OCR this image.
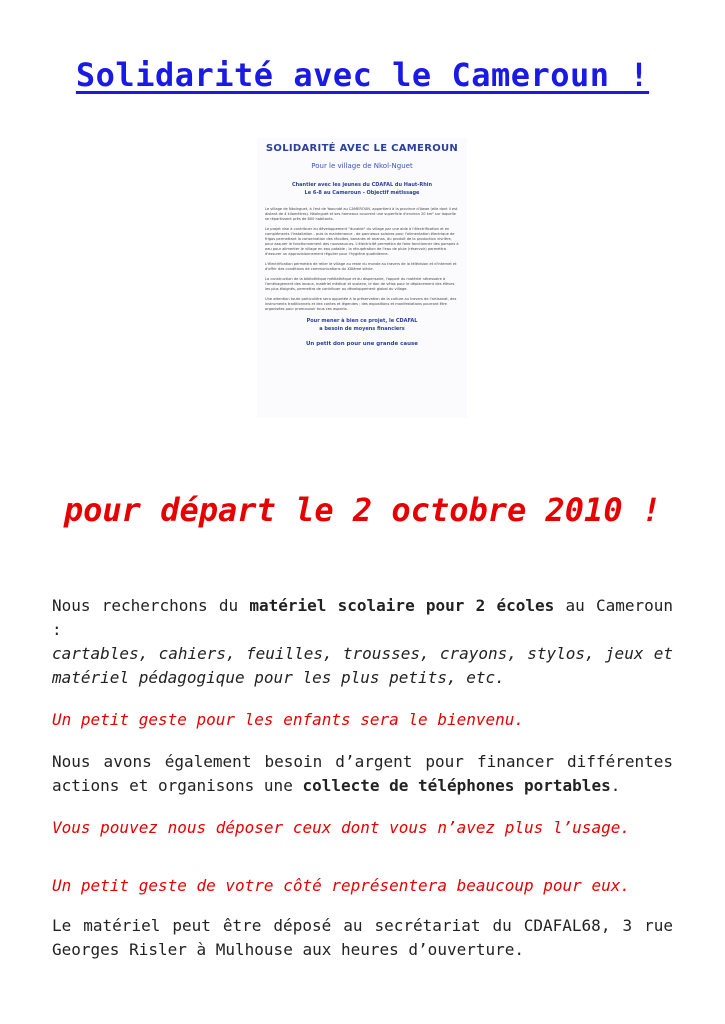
Solidarité avec le Cameroun !
SOLIDARITÉ AVEC LE CAMEROUN
Pour le village de Nkol-Nguet
Chantier avec les jeunes du CDAFAL du Haut-Rhin
Le 6-8 au Cameroun - Objectif métissage

Le village de Nkolnguet, à l'est de Yaoundé au CAMEROUN, appartient à la province d'Awae (elle dont il est distant de 4 kilomètres). Nkolnguet et ses hameaux couvrent une superficie d'environ 20 km² sur laquelle se répartissent près de 800 habitants.

Le projet vise à contribuer au développement "durable" du village par une aide à l'électrification et en compléments l'installation - puis la maintenance - de panneaux solaires pour l'alimentation électrique de frigos permettant la conservation des récoltes, bananes et ananas, du produit de la production vivrière, pour assurer le fonctionnement des nouveaux.es. L'électricité permettra de faire fonctionner des pompes à eau pour alimenter le village en eau potable ; la récupération de l'eau de pluie (réservoir) permettra d'assurer un approvisionnement régulier pour l'hygiène quotidienne.

L'électrification permettra de relier le village au reste du monde au travers de la télévision et d'internet et d'offrir des conditions de communications du XXIème siècle.

La construction de la bibliothèque médiathèque et du dispensaire, l'apport du matériel nécessaire à l'aménagement des locaux, matériel médical et scolaire, le don de vélos pour le déplacement des élèves les plus éloignés, permettra de contribuer au développement global du village.

Une attention toute particulière sera apportée à la préservation de la culture au travers de l'artisanat, des instruments traditionnels et des contes et légendes ; des expositions et manifestations pourront être organisées pour promouvoir tous ces aspects.

Pour mener à bien ce projet, le CDAFAL
a besoin de moyens financiers
Un petit don pour une grande cause
pour départ le 2 octobre 2010 !

Nous recherchons du matériel scolaire pour 2 écoles au Cameroun :
cartables, cahiers, feuilles, trousses, crayons, stylos, jeux et matériel pédagogique pour les plus petits, etc.

Un petit geste pour les enfants sera le bienvenu.

Nous avons également besoin d’argent pour financer différentes actions et organisons une collecte de téléphones portables.

Vous pouvez nous déposer ceux dont vous n’avez plus l’usage.

Un petit geste de votre côté représentera beaucoup pour eux.

Le matériel peut être déposé au secrétariat du CDAFAL68, 3 rue Georges Risler à Mulhouse aux heures d’ouverture.
